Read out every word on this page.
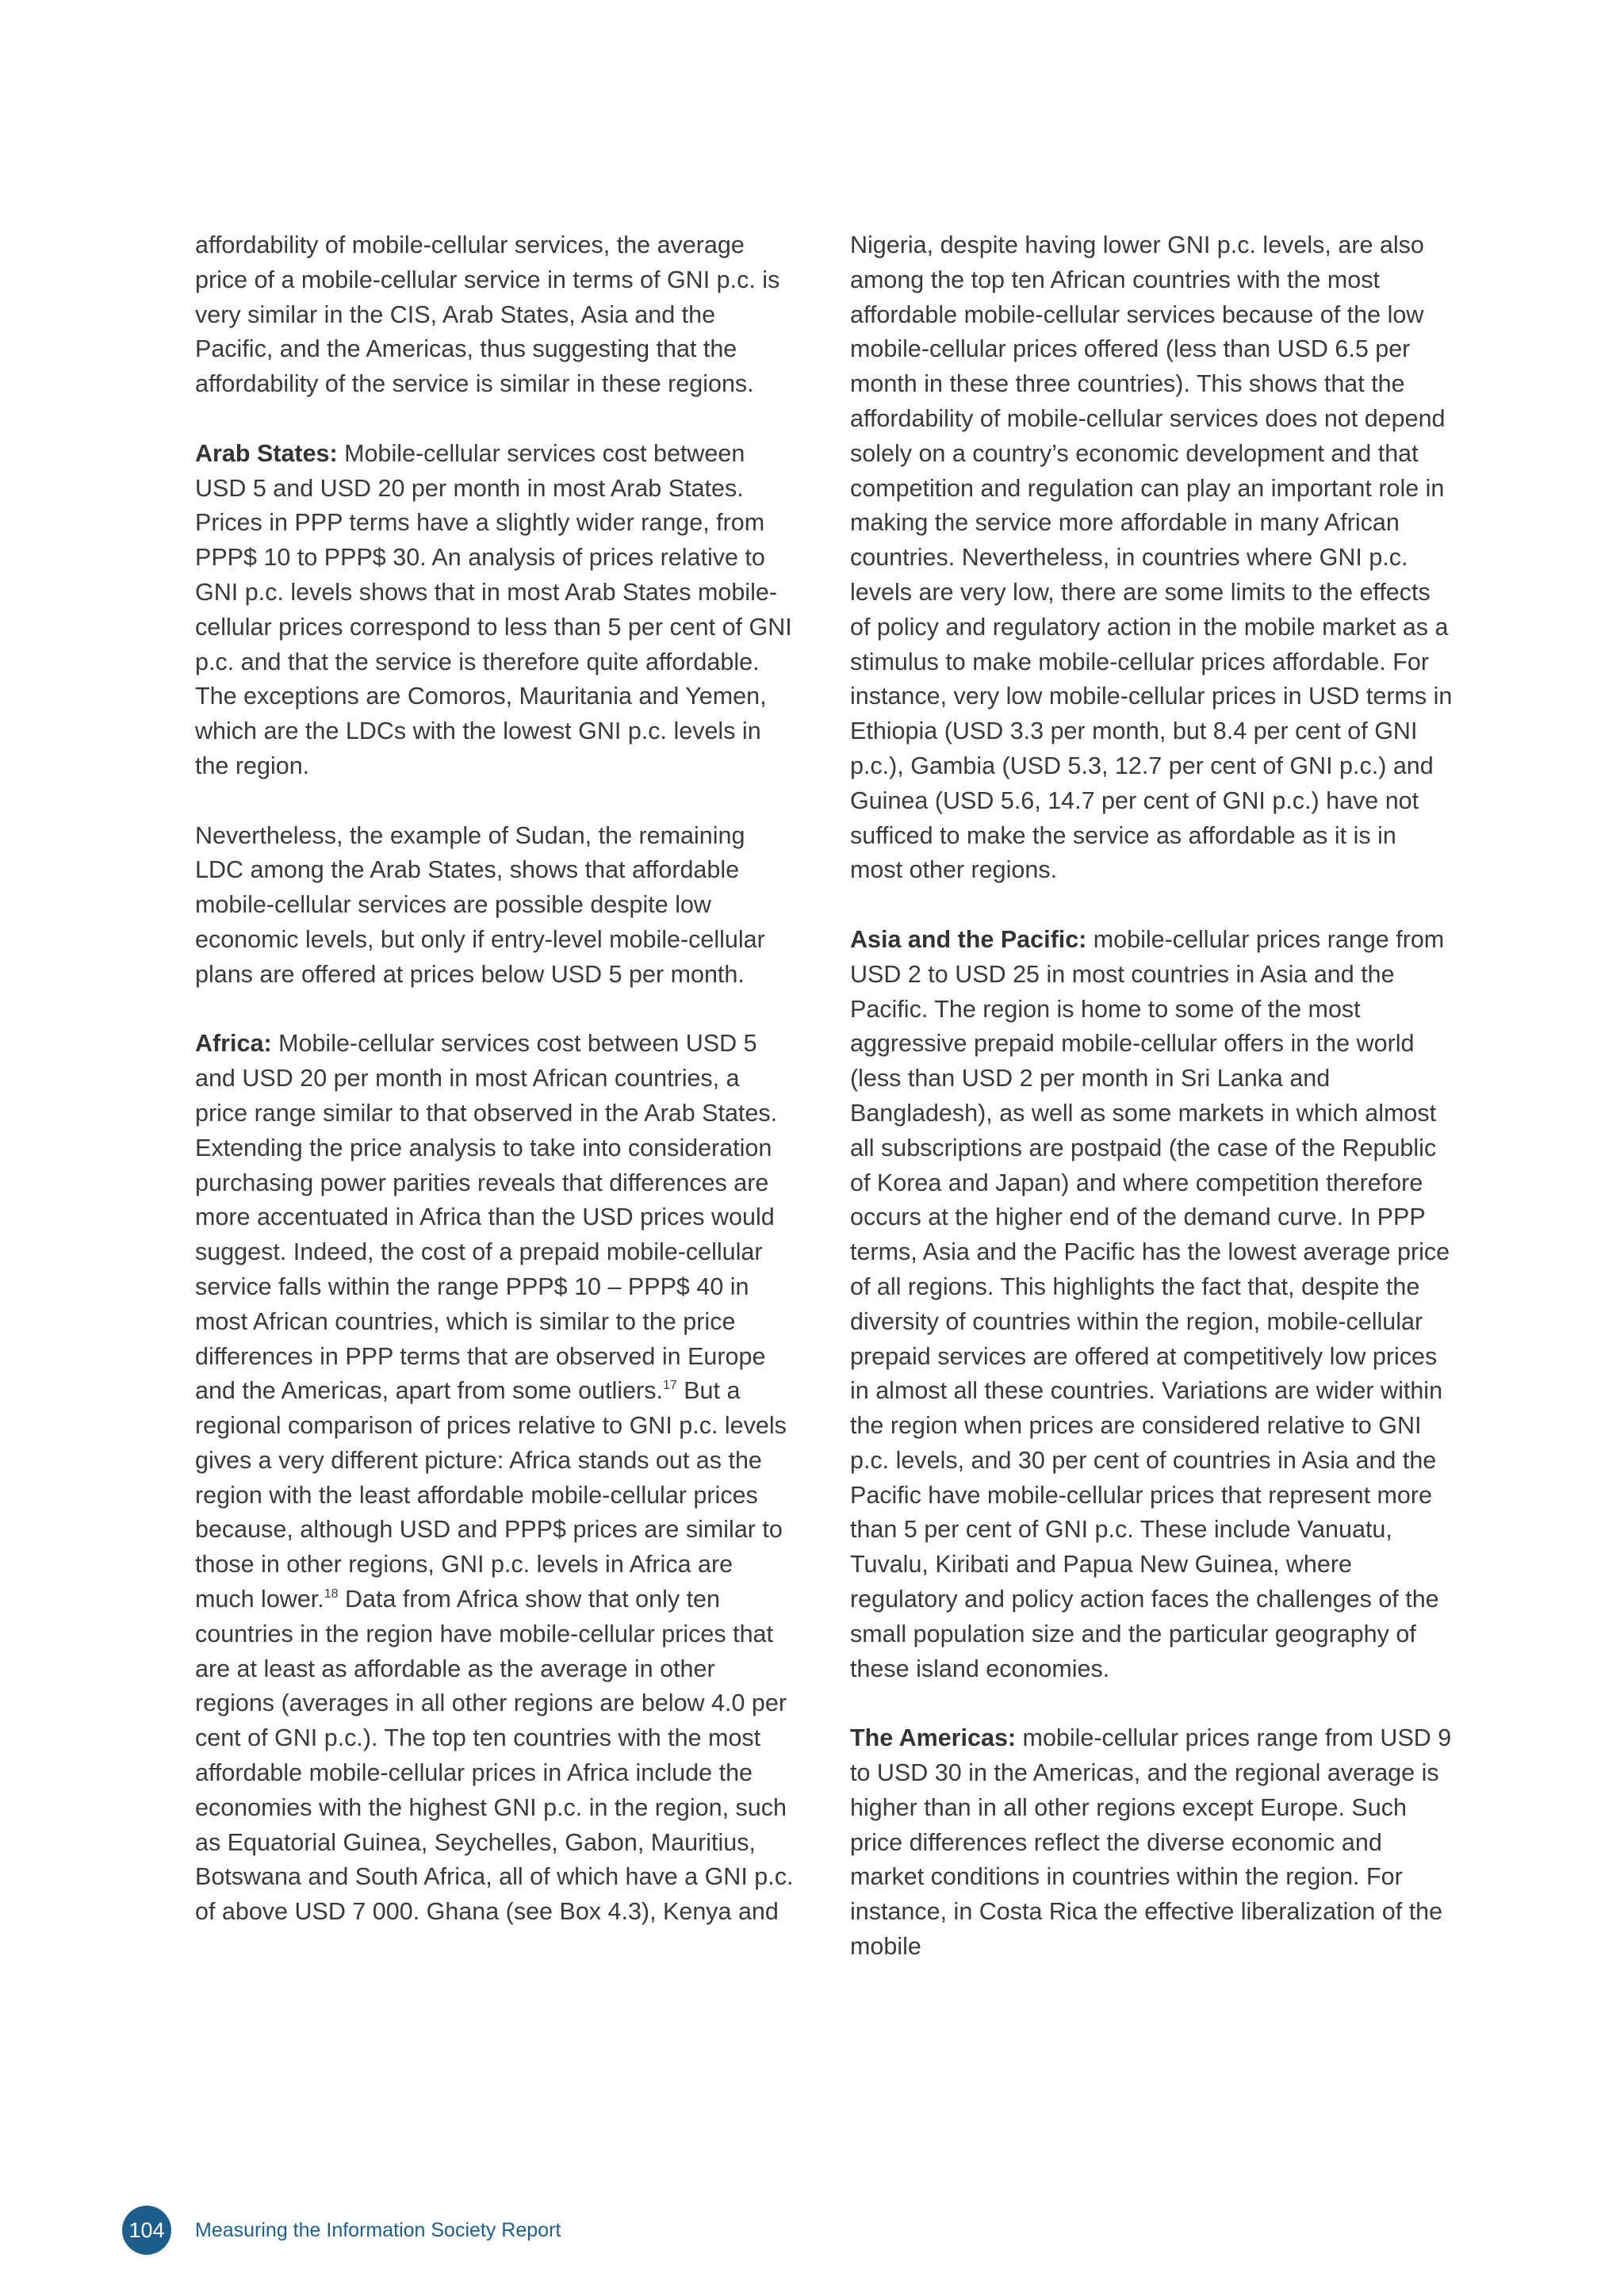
affordability of mobile-cellular services, the average price of a mobile-cellular service in terms of GNI p.c. is very similar in the CIS, Arab States, Asia and the Pacific, and the Americas, thus suggesting that the affordability of the service is similar in these regions.

Arab States: Mobile-cellular services cost between USD 5 and USD 20 per month in most Arab States. Prices in PPP terms have a slightly wider range, from PPP$ 10 to PPP$ 30. An analysis of prices relative to GNI p.c. levels shows that in most Arab States mobile-cellular prices correspond to less than 5 per cent of GNI p.c. and that the service is therefore quite affordable. The exceptions are Comoros, Mauritania and Yemen, which are the LDCs with the lowest GNI p.c. levels in the region.

Nevertheless, the example of Sudan, the remaining LDC among the Arab States, shows that affordable mobile-cellular services are possible despite low economic levels, but only if entry-level mobile-cellular plans are offered at prices below USD 5 per month.

Africa: Mobile-cellular services cost between USD 5 and USD 20 per month in most African countries, a price range similar to that observed in the Arab States. Extending the price analysis to take into consideration purchasing power parities reveals that differences are more accentuated in Africa than the USD prices would suggest. Indeed, the cost of a prepaid mobile-cellular service falls within the range PPP$ 10 – PPP$ 40 in most African countries, which is similar to the price differences in PPP terms that are observed in Europe and the Americas, apart from some outliers.$^{17}$ But a regional comparison of prices relative to GNI p.c. levels gives a very different picture: Africa stands out as the region with the least affordable mobile-cellular prices because, although USD and PPP$ prices are similar to those in other regions, GNI p.c. levels in Africa are much lower.$^{18}$ Data from Africa show that only ten countries in the region have mobile-cellular prices that are at least as affordable as the average in other regions (averages in all other regions are below 4.0 per cent of GNI p.c.). The top ten countries with the most affordable mobile-cellular prices in Africa include the economies with the highest GNI p.c. in the region, such as Equatorial Guinea, Seychelles, Gabon, Mauritius, Botswana and South Africa, all of which have a GNI p.c. of above USD 7 000. Ghana (see Box 4.3), Kenya and

Nigeria, despite having lower GNI p.c. levels, are also among the top ten African countries with the most affordable mobile-cellular services because of the low mobile-cellular prices offered (less than USD 6.5 per month in these three countries). This shows that the affordability of mobile-cellular services does not depend solely on a country’s economic development and that competition and regulation can play an important role in making the service more affordable in many African countries. Nevertheless, in countries where GNI p.c. levels are very low, there are some limits to the effects of policy and regulatory action in the mobile market as a stimulus to make mobile-cellular prices affordable. For instance, very low mobile-cellular prices in USD terms in Ethiopia (USD 3.3 per month, but 8.4 per cent of GNI p.c.), Gambia (USD 5.3, 12.7 per cent of GNI p.c.) and Guinea (USD 5.6, 14.7 per cent of GNI p.c.) have not sufficed to make the service as affordable as it is in most other regions.

Asia and the Pacific: mobile-cellular prices range from USD 2 to USD 25 in most countries in Asia and the Pacific. The region is home to some of the most aggressive prepaid mobile-cellular offers in the world (less than USD 2 per month in Sri Lanka and Bangladesh), as well as some markets in which almost all subscriptions are postpaid (the case of the Republic of Korea and Japan) and where competition therefore occurs at the higher end of the demand curve. In PPP terms, Asia and the Pacific has the lowest average price of all regions. This highlights the fact that, despite the diversity of countries within the region, mobile-cellular prepaid services are offered at competitively low prices in almost all these countries. Variations are wider within the region when prices are considered relative to GNI p.c. levels, and 30 per cent of countries in Asia and the Pacific have mobile-cellular prices that represent more than 5 per cent of GNI p.c. These include Vanuatu, Tuvalu, Kiribati and Papua New Guinea, where regulatory and policy action faces the challenges of the small population size and the particular geography of these island economies.

The Americas: mobile-cellular prices range from USD 9 to USD 30 in the Americas, and the regional average is higher than in all other regions except Europe. Such price differences reflect the diverse economic and market conditions in countries within the region. For instance, in Costa Rica the effective liberalization of the mobile

104	Measuring the Information Society Report
